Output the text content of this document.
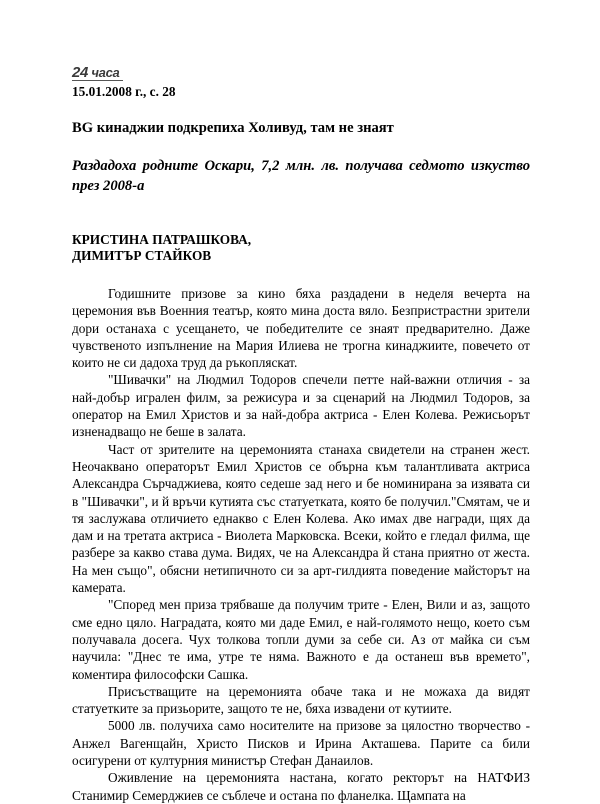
24 часа
15.01.2008 г., с. 28
BG кинаджии подкрепиха Холивуд, там не знаят
Раздадоха родните Оскари, 7,2 млн. лв. получава седмото изкуство през 2008-а
КРИСТИНА ПАТРАШКОВА,
ДИМИТЪР СТАЙКОВ

Годишните призове за кино бяха раздадени в неделя вечерта на церемония във Военния театър, която мина доста вяло. Безпристрастни зрители дори останаха с усещането, че победителите се знаят предварително. Даже чувственото изпълнение на Мария Илиева не трогна кинаджиите, повечето от които не си дадоха труд да ръкопляскат.

"Шивачки" на Людмил Тодоров спечели петте най-важни отличия - за най-добър игрален филм, за режисура и за сценарий на Людмил Тодоров, за оператор на Емил Христов и за най-добра актриса - Елен Колева. Режисьорът изненадващо не беше в залата.

Част от зрителите на церемонията станаха свидетели на странен жест. Неочаквано операторът Емил Христов се обърна към талантливата актриса Александра Сърчаджиева, която седеше зад него и бе номинирана за изявата си в "Шивачки", и й връчи кутията със статуетката, която бе получил."Смятам, че и тя заслужава отличието еднакво с Елен Колева. Ако имах две награди, щях да дам и на третата актриса - Виолета Марковска. Всеки, който е гледал филма, ще разбере за какво става дума. Видях, че на Александра й стана приятно от жеста. На мен също", обясни нетипичното си за арт-гилдията поведение майсторът на камерата.

"Според мен приза трябваше да получим трите - Елен, Вили и аз, защото сме едно цяло. Наградата, която ми даде Емил, е най-голямото нещо, което съм получавала досега. Чух толкова топли думи за себе си. Аз от майка си съм научила: "Днес те има, утре те няма. Важното е да останеш във времето", коментира философски Сашка.

Присъстващите на церемонията обаче така и не можаха да видят статуетките за призьорите, защото те не, бяха извадени от кутиите.

5000 лв. получиха само носителите на призове за цялостно творчество - Анжел Вагенщайн, Христо Писков и Ирина Акташева. Парите са били осигурени от културния министър Стефан Данаилов.

Оживление на церемонията настана, когато ректорът на НАТФИЗ Станимир Семерджиев се съблече и остана по фланелка. Щампата на
